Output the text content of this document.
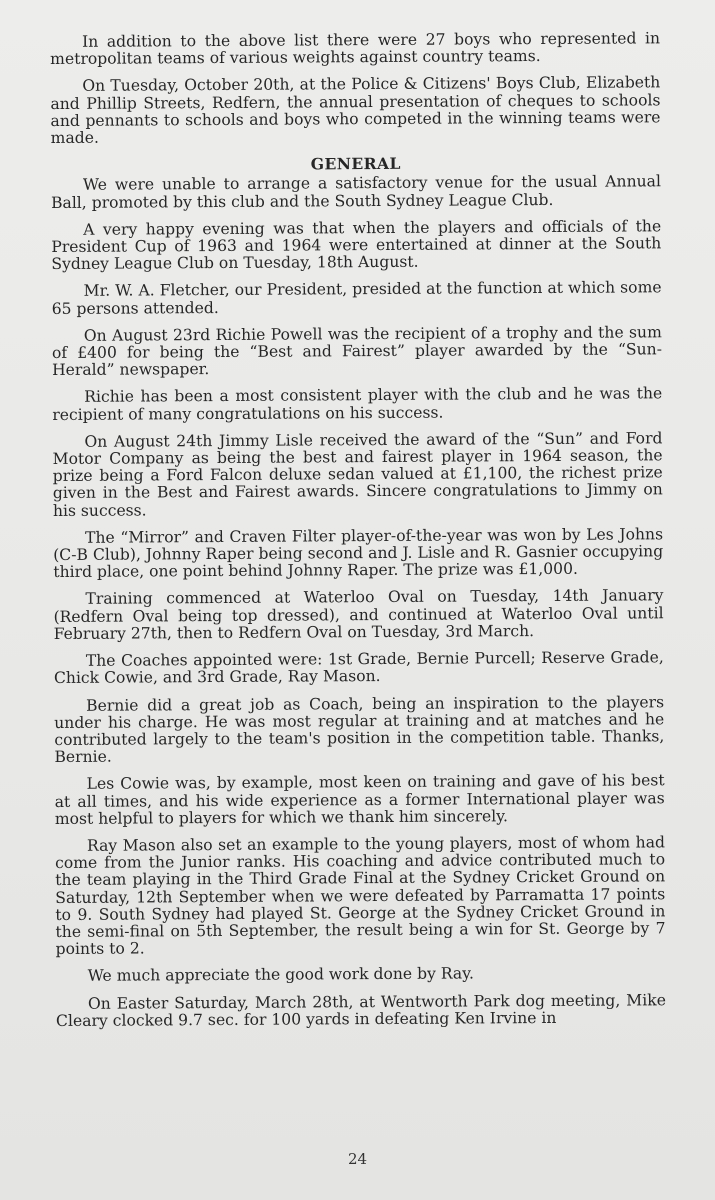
In addition to the above list there were 27 boys who represented in metropolitan teams of various weights against country teams.

On Tuesday, October 20th, at the Police & Citizens' Boys Club, Elizabeth and Phillip Streets, Redfern, the annual presentation of cheques to schools and pennants to schools and boys who competed in the winning teams were made.

GENERAL

We were unable to arrange a satisfactory venue for the usual Annual Ball, promoted by this club and the South Sydney League Club.

A very happy evening was that when the players and officials of the President Cup of 1963 and 1964 were entertained at dinner at the South Sydney League Club on Tuesday, 18th August.

Mr. W. A. Fletcher, our President, presided at the function at which some 65 persons attended.

On August 23rd Richie Powell was the recipient of a trophy and the sum of £400 for being the “Best and Fairest” player awarded by the “Sun-Herald” newspaper.

Richie has been a most consistent player with the club and he was the recipient of many congratulations on his success.

On August 24th Jimmy Lisle received the award of the “Sun” and Ford Motor Company as being the best and fairest player in 1964 season, the prize being a Ford Falcon deluxe sedan valued at £1,100, the richest prize given in the Best and Fairest awards. Sincere congratulations to Jimmy on his success.

The “Mirror” and Craven Filter player-of-the-year was won by Les Johns (C-B Club), Johnny Raper being second and J. Lisle and R. Gasnier occupying third place, one point behind Johnny Raper. The prize was £1,000.

Training commenced at Waterloo Oval on Tuesday, 14th January (Redfern Oval being top dressed), and continued at Waterloo Oval until February 27th, then to Redfern Oval on Tuesday, 3rd March.

The Coaches appointed were: 1st Grade, Bernie Purcell; Reserve Grade, Chick Cowie, and 3rd Grade, Ray Mason.

Bernie did a great job as Coach, being an inspiration to the players under his charge. He was most regular at training and at matches and he contributed largely to the team's position in the competition table. Thanks, Bernie.

Les Cowie was, by example, most keen on training and gave of his best at all times, and his wide experience as a former International player was most helpful to players for which we thank him sincerely.

Ray Mason also set an example to the young players, most of whom had come from the Junior ranks. His coaching and advice contributed much to the team playing in the Third Grade Final at the Sydney Cricket Ground on Saturday, 12th September when we were defeated by Parramatta 17 points to 9. South Sydney had played St. George at the Sydney Cricket Ground in the semi-final on 5th September, the result being a win for St. George by 7 points to 2.

We much appreciate the good work done by Ray.

On Easter Saturday, March 28th, at Wentworth Park dog meeting, Mike Cleary clocked 9.7 sec. for 100 yards in defeating Ken Irvine in

24
